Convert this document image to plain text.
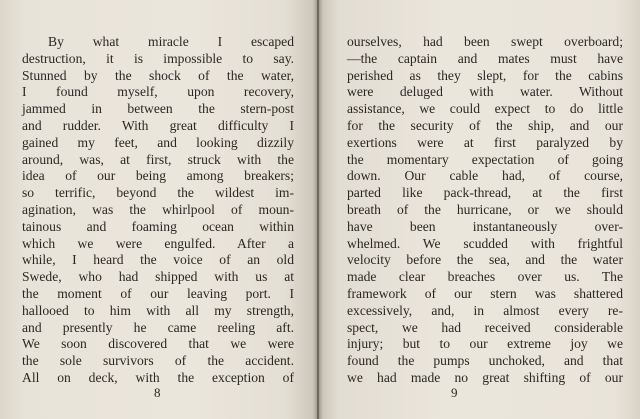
By what miracle I escaped
destruction, it is impossible to say.
Stunned by the shock of the water,
I found myself, upon recovery,
jammed in between the stern-post
and rudder. With great difficulty I
gained my feet, and looking dizzily
around, was, at first, struck with the
idea of our being among breakers;
so terrific, beyond the wildest im-
agination, was the whirlpool of moun-
tainous and foaming ocean within
which we were engulfed. After a
while, I heard the voice of an old
Swede, who had shipped with us at
the moment of our leaving port. I
hallooed to him with all my strength,
and presently he came reeling aft.
We soon discovered that we were
the sole survivors of the accident.
All on deck, with the exception of
8
ourselves, had been swept overboard;
—the captain and mates must have
perished as they slept, for the cabins
were deluged with water. Without
assistance, we could expect to do little
for the security of the ship, and our
exertions were at first paralyzed by
the momentary expectation of going
down. Our cable had, of course,
parted like pack-thread, at the first
breath of the hurricane, or we should
have been instantaneously over-
whelmed. We scudded with frightful
velocity before the sea, and the water
made clear breaches over us. The
framework of our stern was shattered
excessively, and, in almost every re-
spect, we had received considerable
injury; but to our extreme joy we
found the pumps unchoked, and that
we had made no great shifting of our
9
